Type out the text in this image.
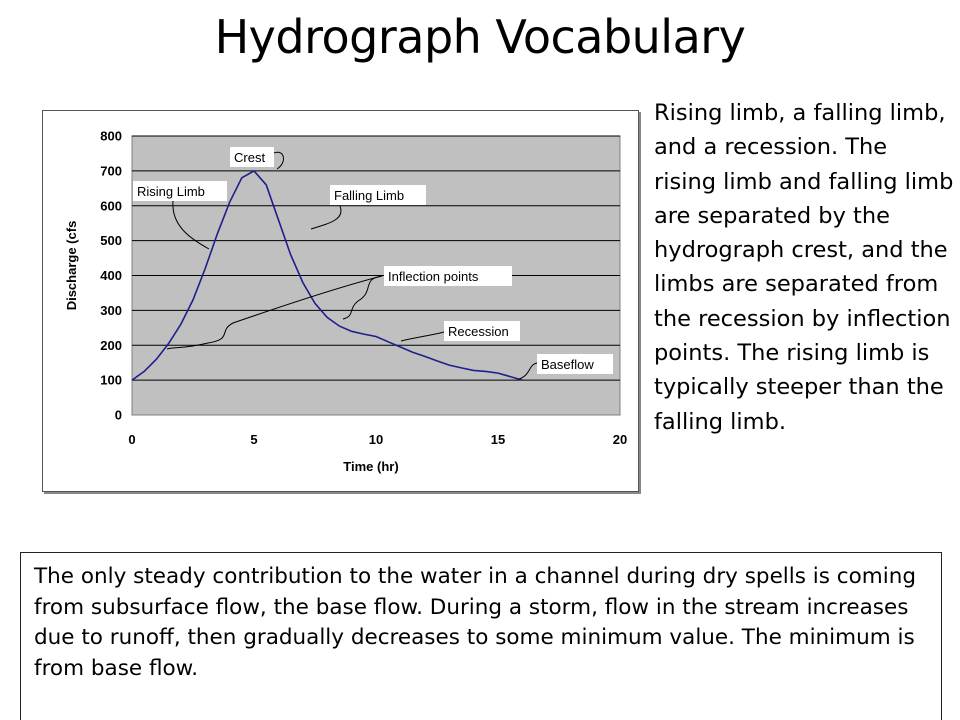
Hydrograph Vocabulary
0
100
200
300
400
500
600
700
800
0	5	10	15	20
Crest
Rising Limb	Falling Limb
Inflection points
Recession
Baseflow
Time (hr)
Discharge (cfs
Rising limb, a falling limb, and a recession. The rising limb and falling limb are separated by the hydrograph crest, and the limbs are separated from the recession by inflection points. The rising limb is typically steeper than the falling limb.
The only steady contribution to the water in a channel during dry spells is coming from subsurface flow, the base flow. During a storm, flow in the stream increases due to runoff, then gradually decreases to some minimum value. The minimum is from base flow.
